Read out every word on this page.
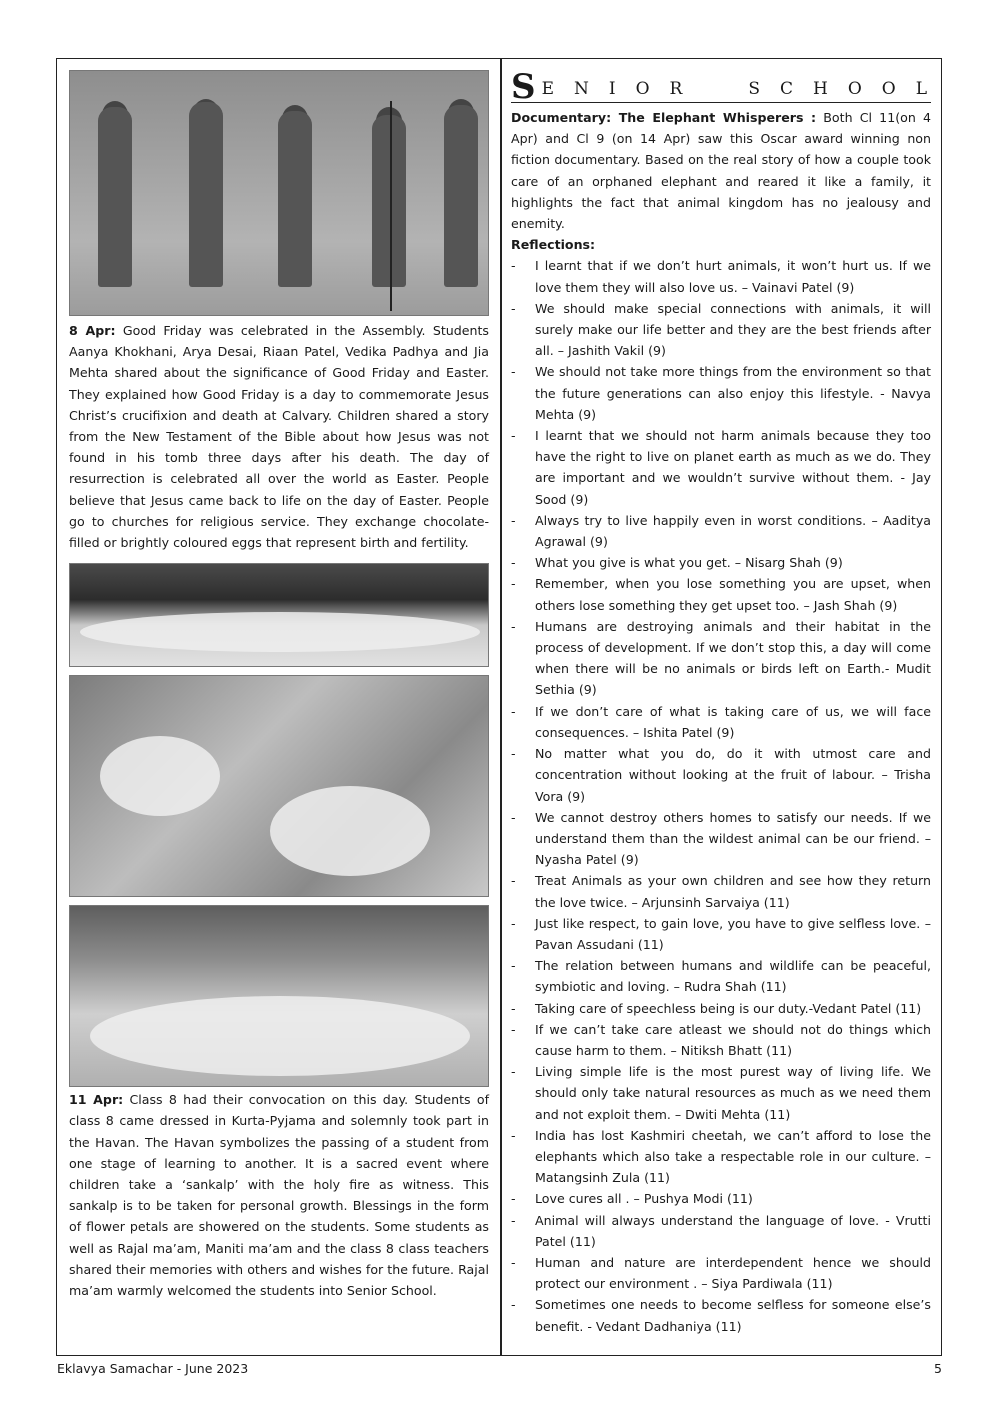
8 Apr: Good Friday was celebrated in the Assembly. Students Aanya Khokhani, Arya Desai, Riaan Patel, Vedika Padhya and Jia Mehta shared about the significance of Good Friday and Easter. They explained how Good Friday is a day to commemorate Jesus Christ’s crucifixion and death at Calvary. Children shared a story from the New Testament of the Bible about how Jesus was not found in his tomb three days after his death. The day of resurrection is celebrated all over the world as Easter. People believe that Jesus came back to life on the day of Easter. People go to churches for religious service. They exchange chocolate-filled or brightly coloured eggs that represent birth and fertility.

11 Apr: Class 8 had their convocation on this day. Students of class 8 came dressed in Kurta-Pyjama and solemnly took part in the Havan. The Havan symbolizes the passing of a student from one stage of learning to another. It is a sacred event where children take a ‘sankalp’ with the holy fire as witness. This sankalp is to be taken for personal growth. Blessings in the form of flower petals are showered on the students. Some students as well as Rajal ma’am, Maniti ma’am and the class 8 class teachers shared their memories with others and wishes for the future. Rajal ma’am warmly welcomed the students into Senior School.

S E N I O R	S C H O O L
Documentary: The Elephant Whisperers : Both Cl 11(on 4 Apr) and Cl 9 (on 14 Apr) saw this Oscar award winning non fiction documentary. Based on the real story of how a couple took care of an orphaned elephant and reared it like a family, it highlights the fact that animal kingdom has no jealousy and enemity.
Reflections:
- I learnt that if we don’t hurt animals, it won’t hurt us. If we love them they will also love us. – Vainavi Patel (9)
- We should make special connections with animals, it will surely make our life better and they are the best friends after all. – Jashith Vakil (9)
- We should not take more things from the environment so that the future generations can also enjoy this lifestyle. - Navya Mehta (9)
- I learnt that we should not harm animals because they too have the right to live on planet earth as much as we do. They are important and we wouldn’t survive without them. - Jay Sood (9)
- Always try to live happily even in worst conditions. – Aaditya Agrawal (9)
- What you give is what you get. – Nisarg Shah (9)
- Remember, when you lose something you are upset, when others lose something they get upset too. – Jash Shah (9)
- Humans are destroying animals and their habitat in the process of development. If we don’t stop this, a day will come when there will be no animals or birds left on Earth.- Mudit Sethia (9)
- If we don’t care of what is taking care of us, we will face consequences. – Ishita Patel (9)
- No matter what you do, do it with utmost care and concentration without looking at the fruit of labour. – Trisha Vora (9)
- We cannot destroy others homes to satisfy our needs. If we understand them than the wildest animal can be our friend. – Nyasha Patel (9)
- Treat Animals as your own children and see how they return the love twice. – Arjunsinh Sarvaiya (11)
- Just like respect, to gain love, you have to give selfless love. – Pavan Assudani (11)
- The relation between humans and wildlife can be peaceful, symbiotic and loving. – Rudra Shah (11)
- Taking care of speechless being is our duty.-Vedant Patel (11)
- If we can’t take care atleast we should not do things which cause harm to them. – Nitiksh Bhatt (11)
- Living simple life is the most purest way of living life. We should only take natural resources as much as we need them and not exploit them. – Dwiti Mehta (11)
- India has lost Kashmiri cheetah, we can’t afford to lose the elephants which also take a respectable role in our culture. – Matangsinh Zula (11)
- Love cures all . – Pushya Modi (11)
- Animal will always understand the language of love. - Vrutti Patel (11)
- Human and nature are interdependent hence we should protect our environment . – Siya Pardiwala (11)
- Sometimes one needs to become selfless for someone else’s benefit. - Vedant Dadhaniya (11)
Eklavya Samachar - June 2023	5
